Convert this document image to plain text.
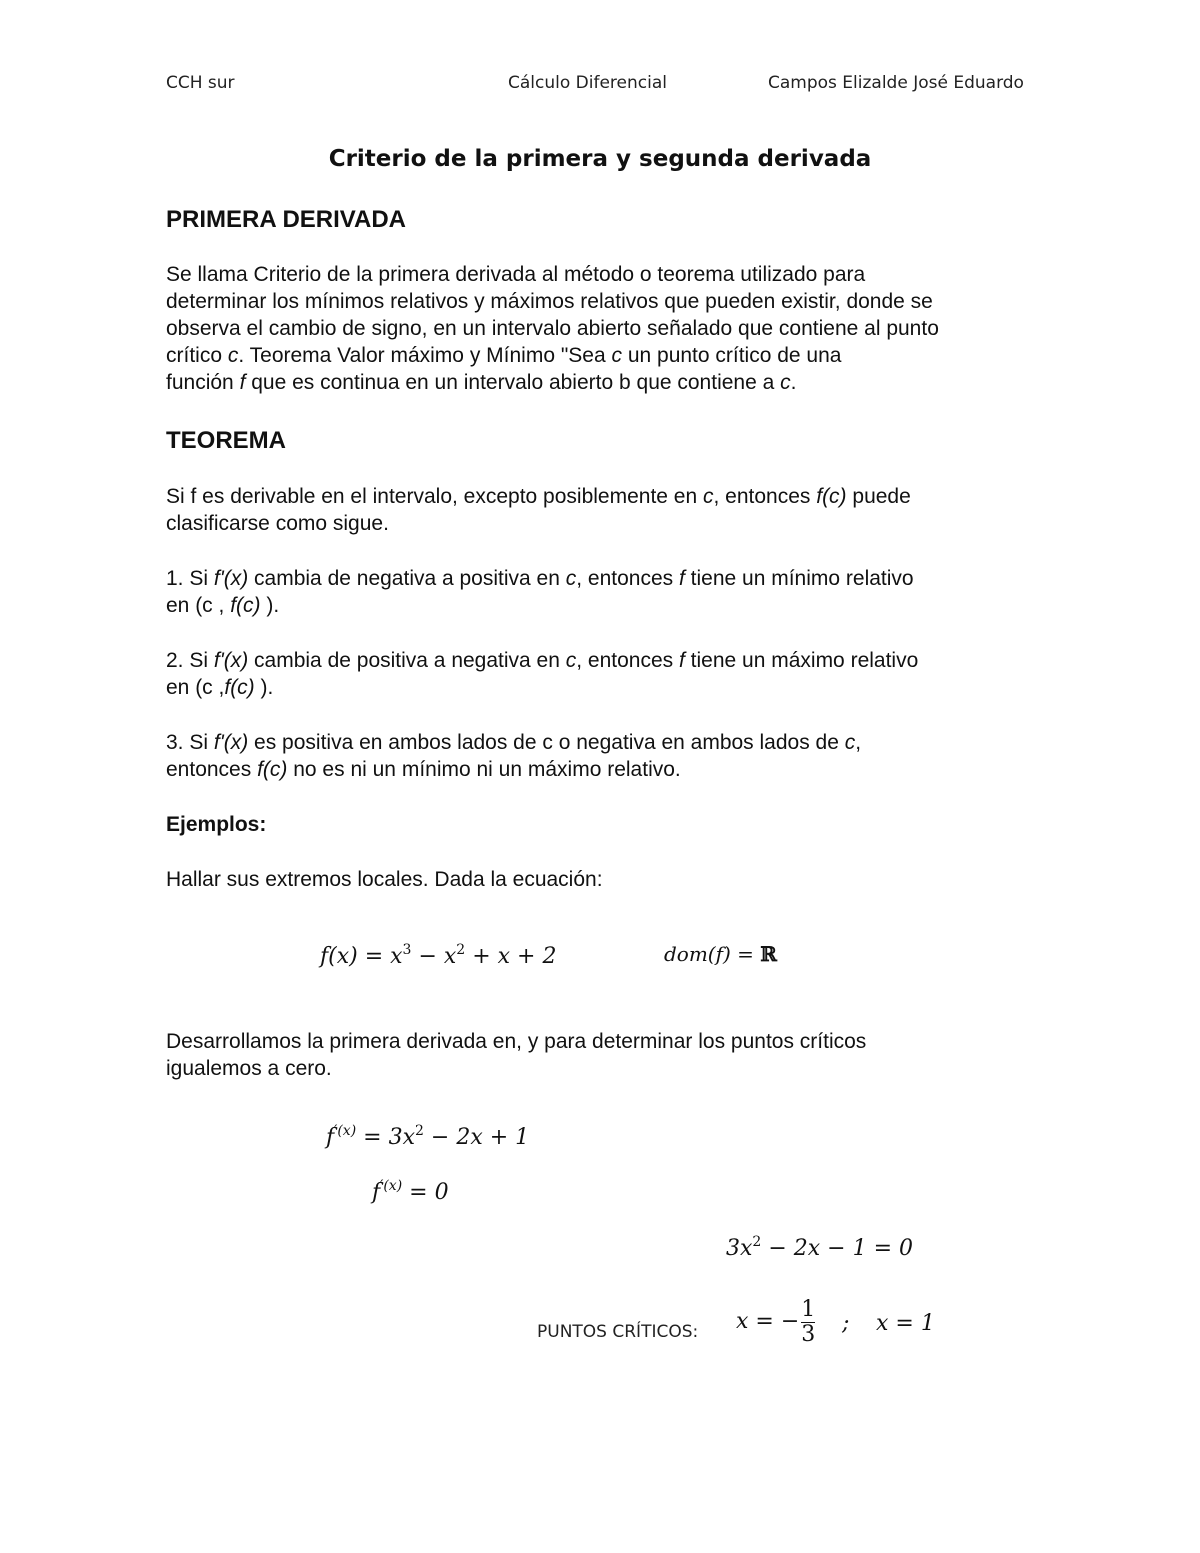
CCH sur	Cálculo Diferencial	Campos Elizalde José Eduardo
Criterio de la primera y segunda derivada
PRIMERA DERIVADA
Se llama Criterio de la primera derivada al método o teorema utilizado para
determinar los mínimos relativos y máximos relativos que pueden existir, donde se
observa el cambio de signo, en un intervalo abierto señalado que contiene al punto
crítico c. Teorema Valor máximo y Mínimo "Sea c un punto crítico de una
función f que es continua en un intervalo abierto b que contiene a c.
TEOREMA
Si f es derivable en el intervalo, excepto posiblemente en c, entonces f(c) puede
clasificarse como sigue.
1. Si f'(x) cambia de negativa a positiva en c, entonces f tiene un mínimo relativo
en (c , f(c) ).
2. Si f'(x) cambia de positiva a negativa en c, entonces f tiene un máximo relativo
en (c ,f(c) ).
3. Si f'(x) es positiva en ambos lados de c o negativa en ambos lados de c,
entonces f(c) no es ni un mínimo ni un máximo relativo.
Ejemplos:
Hallar sus extremos locales. Dada la ecuación:
$f(x) = x^3 - x^2 + x + 2$	dom(f) = ℝ
Desarrollamos la primera derivada en, y para determinar los puntos críticos
igualemos a cero.
$f^{'(x)} = 3x^2 - 2x + 1$
$f^{'(x)} = 0$
$3x^2 - 2x - 1 = 0$
PUNTOS CRÍTICOS: x = − $\frac{1}{3}$ ; x = 1
